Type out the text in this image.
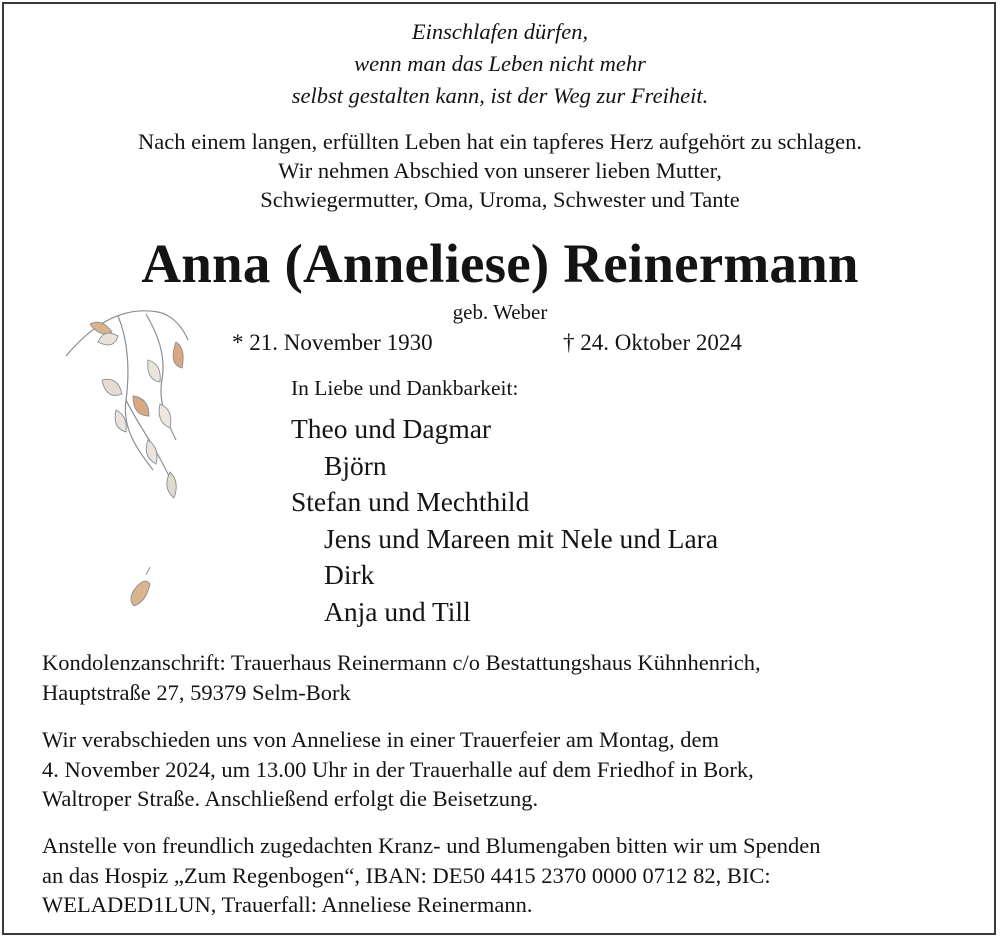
Einschlafen dürfen,
wenn man das Leben nicht mehr
selbst gestalten kann, ist der Weg zur Freiheit.
Nach einem langen, erfüllten Leben hat ein tapferes Herz aufgehört zu schlagen.
Wir nehmen Abschied von unserer lieben Mutter,
Schwiegermutter, Oma, Uroma, Schwester und Tante
Anna (Anneliese) Reinermann
geb. Weber
* 21. November 1930	† 24. Oktober 2024
In Liebe und Dankbarkeit:
Theo und Dagmar
Björn
Stefan und Mechthild
Jens und Mareen mit Nele und Lara
Dirk
Anja und Till
Kondolenzanschrift: Trauerhaus Reinermann c/o Bestattungshaus Kühnhenrich,
Hauptstraße 27, 59379 Selm-Bork
Wir verabschieden uns von Anneliese in einer Trauerfeier am Montag, dem
4. November 2024, um 13.00 Uhr in der Trauerhalle auf dem Friedhof in Bork,
Waltroper Straße. Anschließend erfolgt die Beisetzung.
Anstelle von freundlich zugedachten Kranz- und Blumengaben bitten wir um Spenden
an das Hospiz „Zum Regenbogen“, IBAN: DE50 4415 2370 0000 0712 82, BIC:
WELADED1LUN, Trauerfall: Anneliese Reinermann.
